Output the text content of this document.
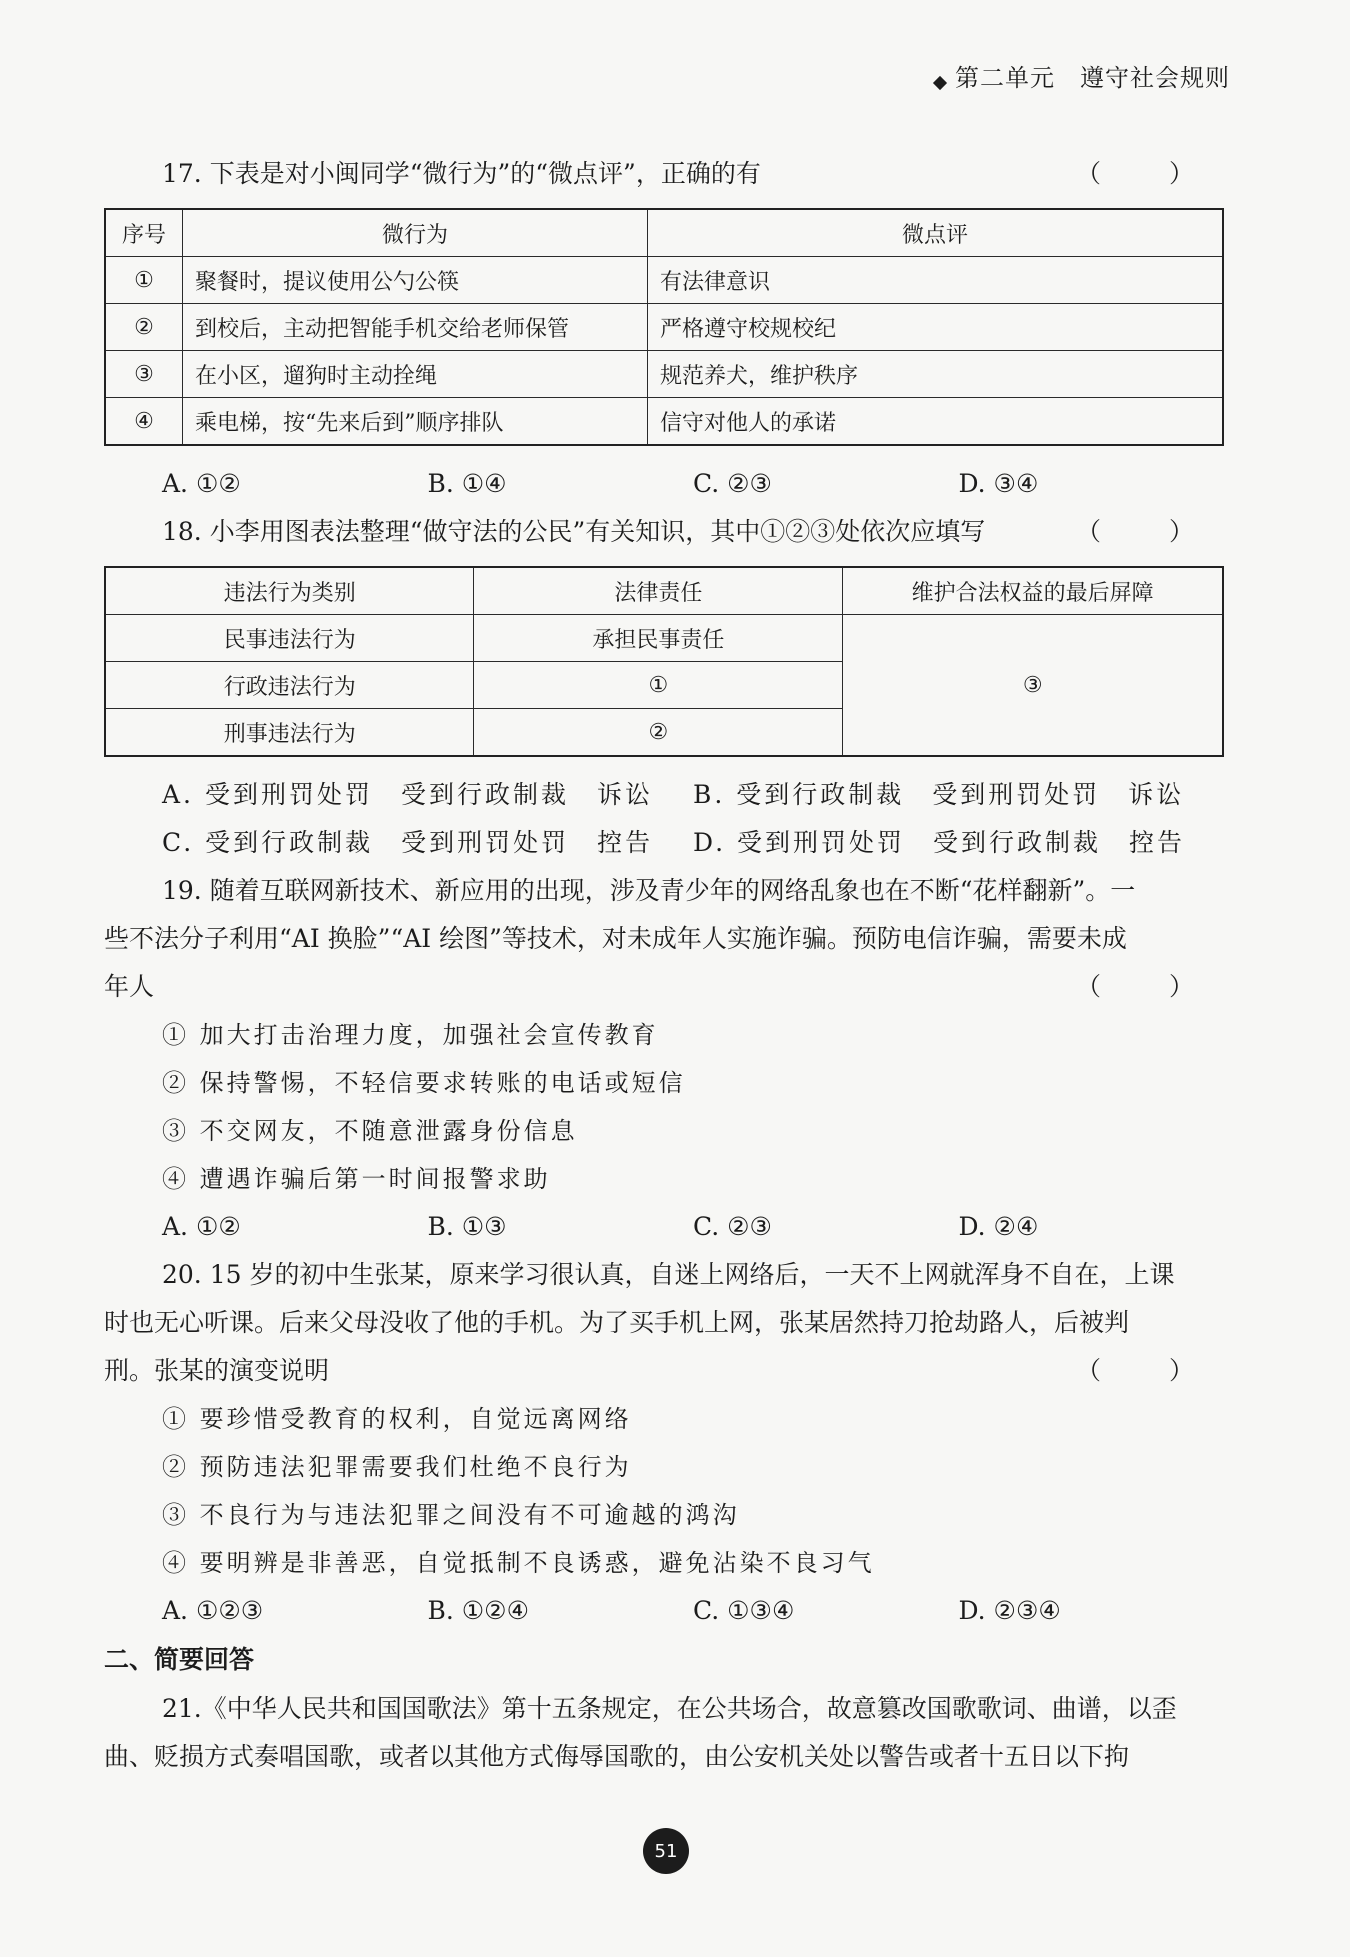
第二单元　遵守社会规则
17. 下表是对小闽同学“微行为”的“微点评”，正确的有	（ ）
序号	微行为	微点评
①	聚餐时，提议使用公勺公筷	有法律意识
②	到校后，主动把智能手机交给老师保管	严格遵守校规校纪
③	在小区，遛狗时主动拴绳	规范养犬，维护秩序
④	乘电梯，按“先来后到”顺序排队	信守对他人的承诺
A. ①②	B. ①④	C. ②③	D. ③④
18. 小李用图表法整理“做守法的公民”有关知识，其中①②③处依次应填写	（ ）
违法行为类别	法律责任	维护合法权益的最后屏障
民事违法行为	承担民事责任	③
行政违法行为	①	
刑事违法行为	②	
A. 受到刑罚处罚　受到行政制裁　诉讼	B. 受到行政制裁　受到刑罚处罚　诉讼
C. 受到行政制裁　受到刑罚处罚　控告	D. 受到刑罚处罚　受到行政制裁　控告
19. 随着互联网新技术、新应用的出现，涉及青少年的网络乱象也在不断“花样翻新”。一
些不法分子利用“AI 换脸”“AI 绘图”等技术，对未成年人实施诈骗。预防电信诈骗，需要未成
年人	（ ）
① 加大打击治理力度，加强社会宣传教育
② 保持警惕，不轻信要求转账的电话或短信
③ 不交网友，不随意泄露身份信息
④ 遭遇诈骗后第一时间报警求助
A. ①②	B. ①③	C. ②③	D. ②④
20. 15 岁的初中生张某，原来学习很认真，自迷上网络后，一天不上网就浑身不自在，上课
时也无心听课。后来父母没收了他的手机。为了买手机上网，张某居然持刀抢劫路人，后被判
刑。张某的演变说明	（ ）
① 要珍惜受教育的权利，自觉远离网络
② 预防违法犯罪需要我们杜绝不良行为
③ 不良行为与违法犯罪之间没有不可逾越的鸿沟
④ 要明辨是非善恶，自觉抵制不良诱惑，避免沾染不良习气
A. ①②③	B. ①②④	C. ①③④	D. ②③④
二、简要回答
21.《中华人民共和国国歌法》第十五条规定，在公共场合，故意篡改国歌歌词、曲谱，以歪
曲、贬损方式奏唱国歌，或者以其他方式侮辱国歌的，由公安机关处以警告或者十五日以下拘
51
